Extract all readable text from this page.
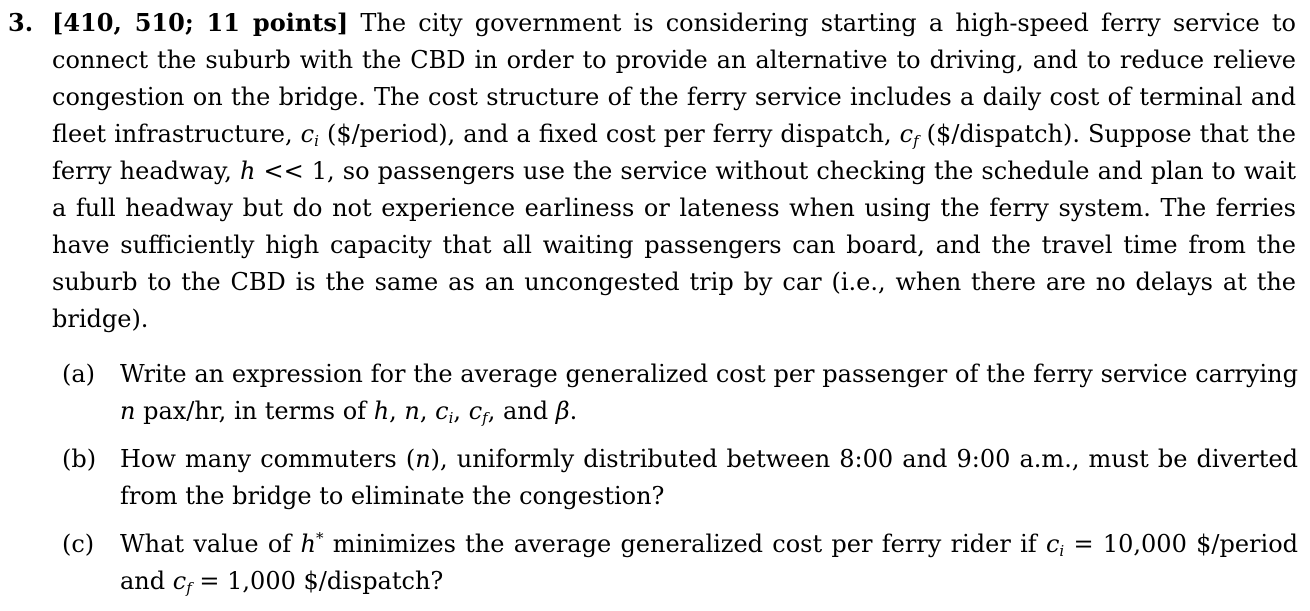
3. [410, 510; 11 points] The city government is considering starting a high-speed ferry service to connect the suburb with the CBD in order to provide an alternative to driving, and to reduce relieve congestion on the bridge. The cost structure of the ferry service includes a daily cost of terminal and fleet infrastructure, $c_i$ ($/period), and a fixed cost per ferry dispatch, $c_f$ ($/dispatch). Suppose that the ferry headway, h << 1, so passengers use the service without checking the schedule and plan to wait a full headway but do not experience earliness or lateness when using the ferry system. The ferries have sufficiently high capacity that all waiting passengers can board, and the travel time from the suburb to the CBD is the same as an uncongested trip by car (i.e., when there are no delays at the bridge).
(a)	Write an expression for the average generalized cost per passenger of the ferry service carrying n pax/hr, in terms of h, n, $c_i$, $c_f$, and β.
(b) How many commuters (n), uniformly distributed between 8:00 and 9:00 a.m., must be diverted from the bridge to eliminate the congestion?
(c)	What value of h* minimizes the average generalized cost per ferry rider if $c_i = 10,000$ $/period and $c_f = 1,000$ $/dispatch?
